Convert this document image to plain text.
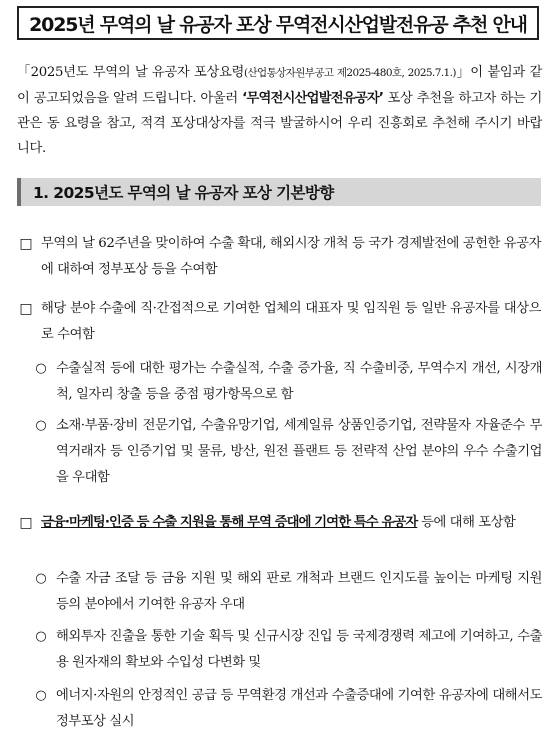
2025년 무역의 날 유공자 포상 무역전시산업발전유공 추천 안내
「2025년도 무역의 날 유공자 포상요령(산업통상자원부공고 제2025-480호, 2025.7.1.)」이 붙임과 같이 공고되었음을 알려 드립니다. 아울러 ‘무역전시산업발전유공자’ 포상 추천을 하고자 하는 기관은 동 요령을 참고, 적격 포상대상자를 적극 발굴하시어 우리 진흥회로 추천해 주시기 바랍니다.
1. 2025년도 무역의 날 유공자 포상 기본방향
□ 무역의 날 62주년을 맞이하여 수출 확대, 해외시장 개척 등 국가 경제발전에 공헌한 유공자에 대하여 정부포상 등을 수여함
□ 해당 분야 수출에 직·간접적으로 기여한 업체의 대표자 및 임직원 등 일반 유공자를 대상으로 수여함
○ 수출실적 등에 대한 평가는 수출실적, 수출 증가율, 직 수출비중, 무역수지 개선, 시장개척, 일자리 창출 등을 중점 평가항목으로 함
○ 소재·부품·장비 전문기업, 수출유망기업, 세계일류 상품인증기업, 전략물자 자율준수 무역거래자 등 인증기업 및 물류, 방산, 원전 플랜트 등 전략적 산업 분야의 우수 수출기업을 우대함
□ 금융·마케팅·인증 등 수출 지원을 통해 무역 증대에 기여한 특수 유공자 등에 대해 포상함
○ 수출 자금 조달 등 금융 지원 및 해외 판로 개척과 브랜드 인지도를 높이는 마케팅 지원 등의 분야에서 기여한 유공자 우대
○ 해외투자 진출을 통한 기술 획득 및 신규시장 진입 등 국제경쟁력 제고에 기여하고, 수출용 원자재의 확보와 수입성 다변화 및
○ 에너지·자원의 안정적인 공급 등 무역환경 개선과 수출증대에 기여한 유공자에 대해서도 정부포상 실시
